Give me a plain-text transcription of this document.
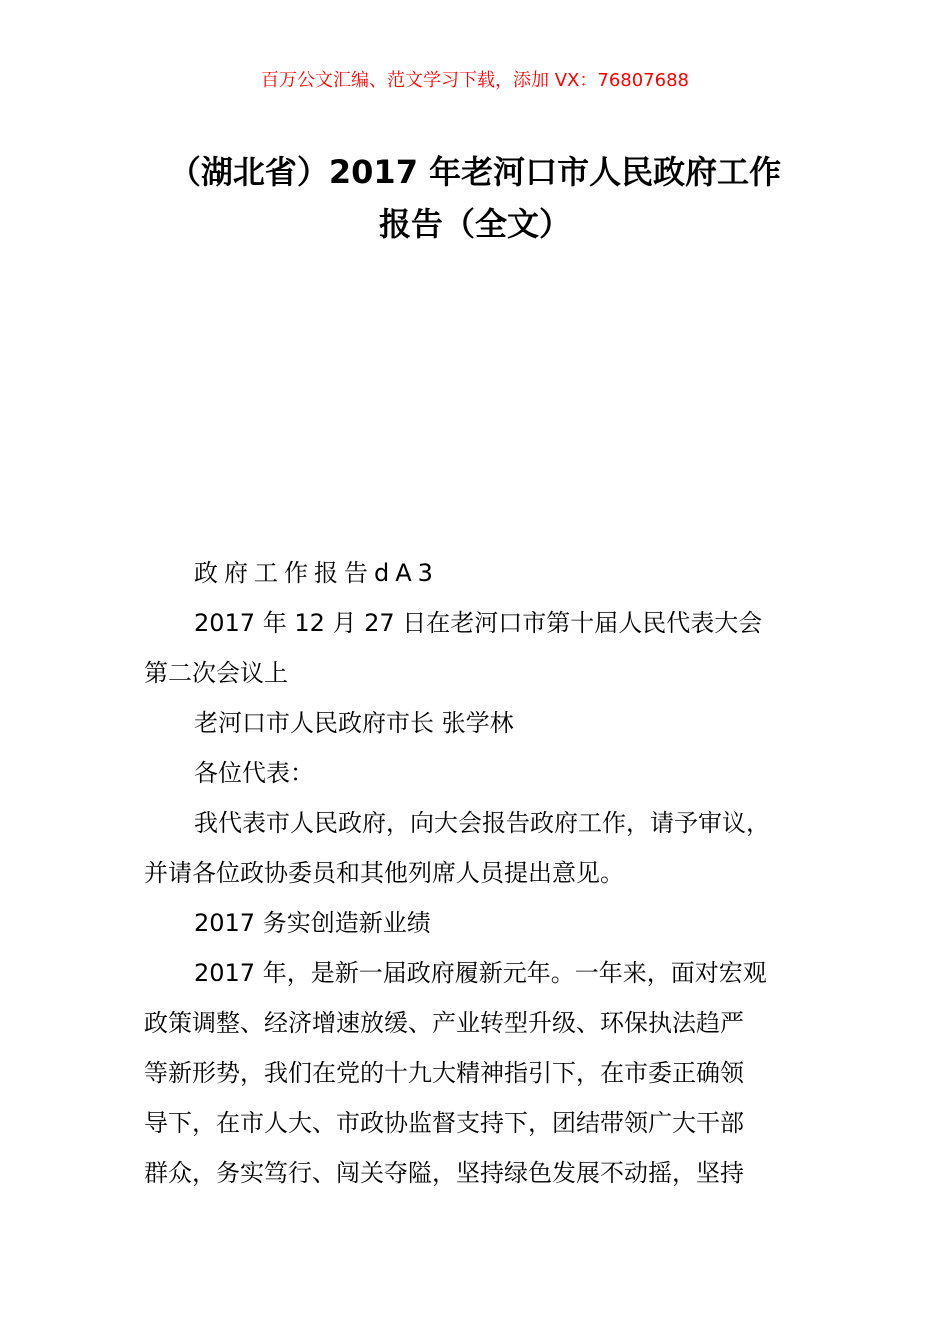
百万公文汇编、范文学习下载，添加 VX：76807688
（湖北省）2017 年老河口市人民政府工作
报告（全文）

政府工作报告dA3

2017 年 12 月 27 日在老河口市第十届人民代表大会

第二次会议上

老河口市人民政府市长 张学林

各位代表：

我代表市人民政府，向大会报告政府工作，请予审议，

并请各位政协委员和其他列席人员提出意见。

2017 务实创造新业绩

2017 年，是新一届政府履新元年。一年来，面对宏观

政策调整、经济增速放缓、产业转型升级、环保执法趋严

等新形势，我们在党的十九大精神指引下，在市委正确领

导下，在市人大、市政协监督支持下，团结带领广大干部

群众，务实笃行、闯关夺隘，坚持绿色发展不动摇，坚持
